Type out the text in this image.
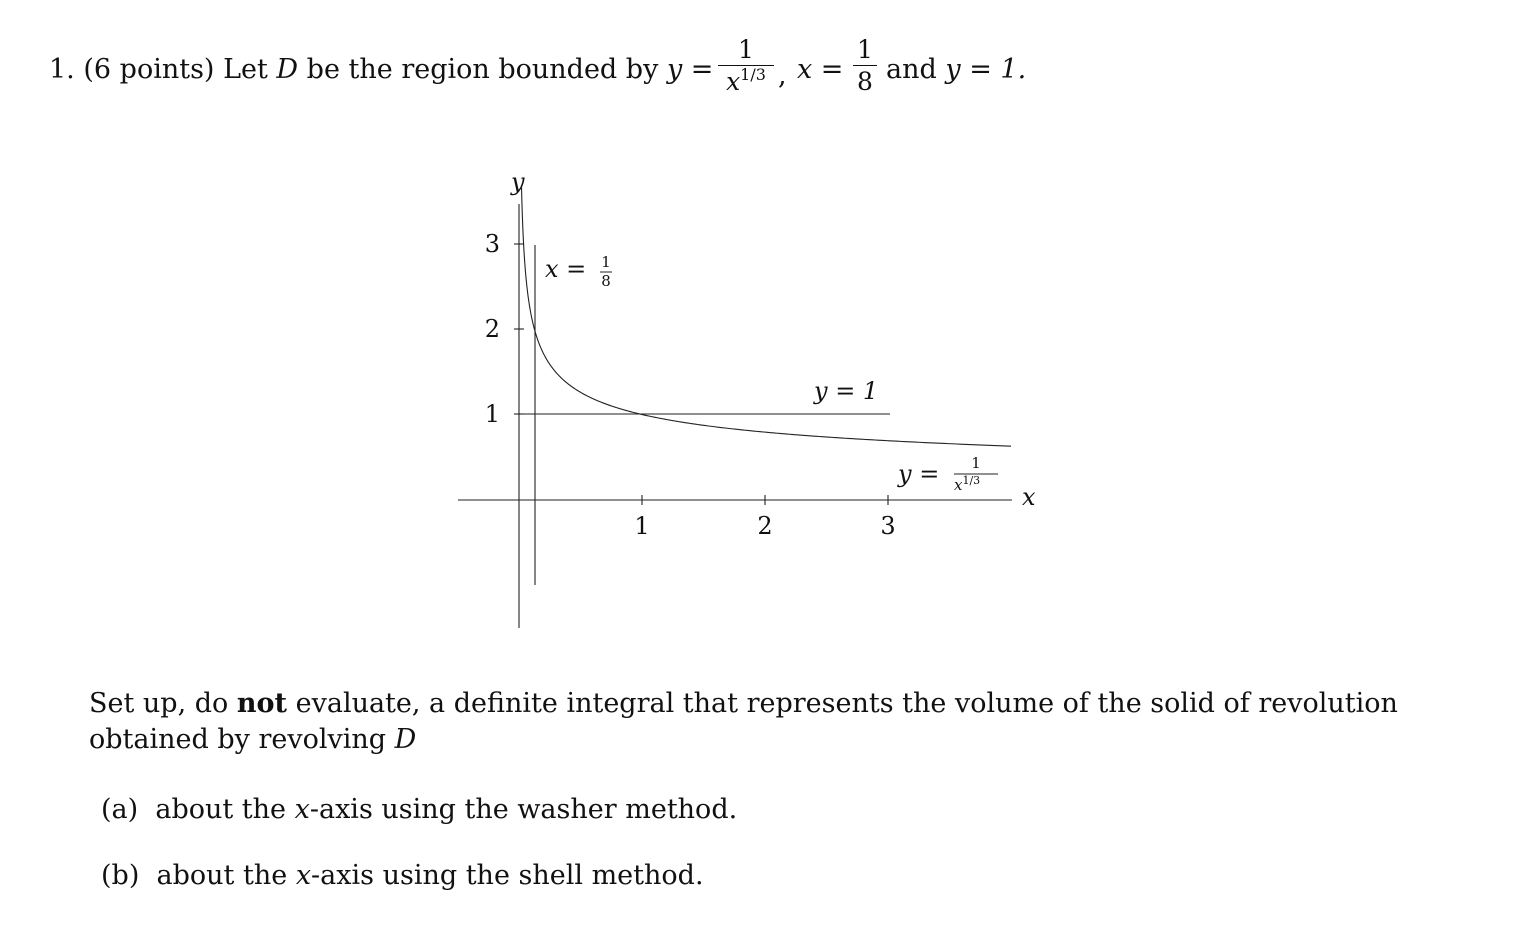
1. (6 points) Let D be the region bounded by y =
1
$x^{1/3}$ , x =
1
8 and y = 1.
y
x
1	2	3
1
2
3
x = 1
8
y = 1
y = 1
$x^{1/3}$
Set up, do not evaluate, a definite integral that represents the volume of the solid of revolution obtained by revolving D
(a) about the x-axis using the washer method.
(b) about the x-axis using the shell method.
